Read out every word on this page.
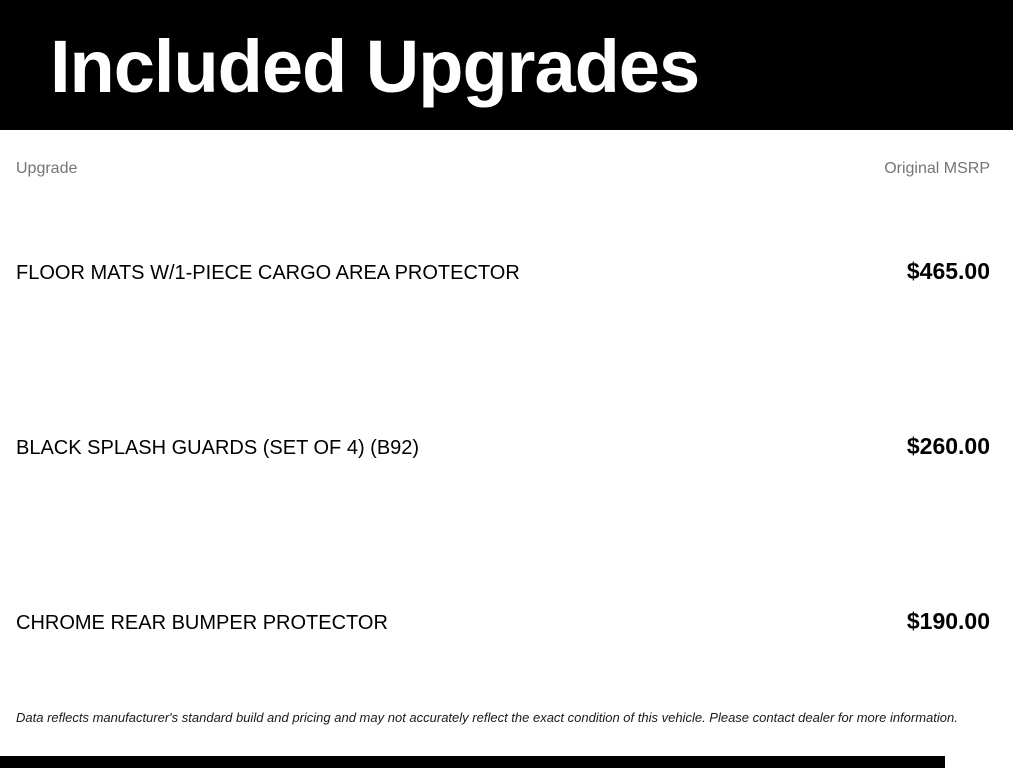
Included Upgrades
Upgrade	Original MSRP
FLOOR MATS W/1-PIECE CARGO AREA PROTECTOR	$465.00
BLACK SPLASH GUARDS (SET OF 4) (B92)	$260.00
CHROME REAR BUMPER PROTECTOR	$190.00
Data reflects manufacturer's standard build and pricing and may not accurately reflect the exact condition of this vehicle. Please contact dealer for more information.
